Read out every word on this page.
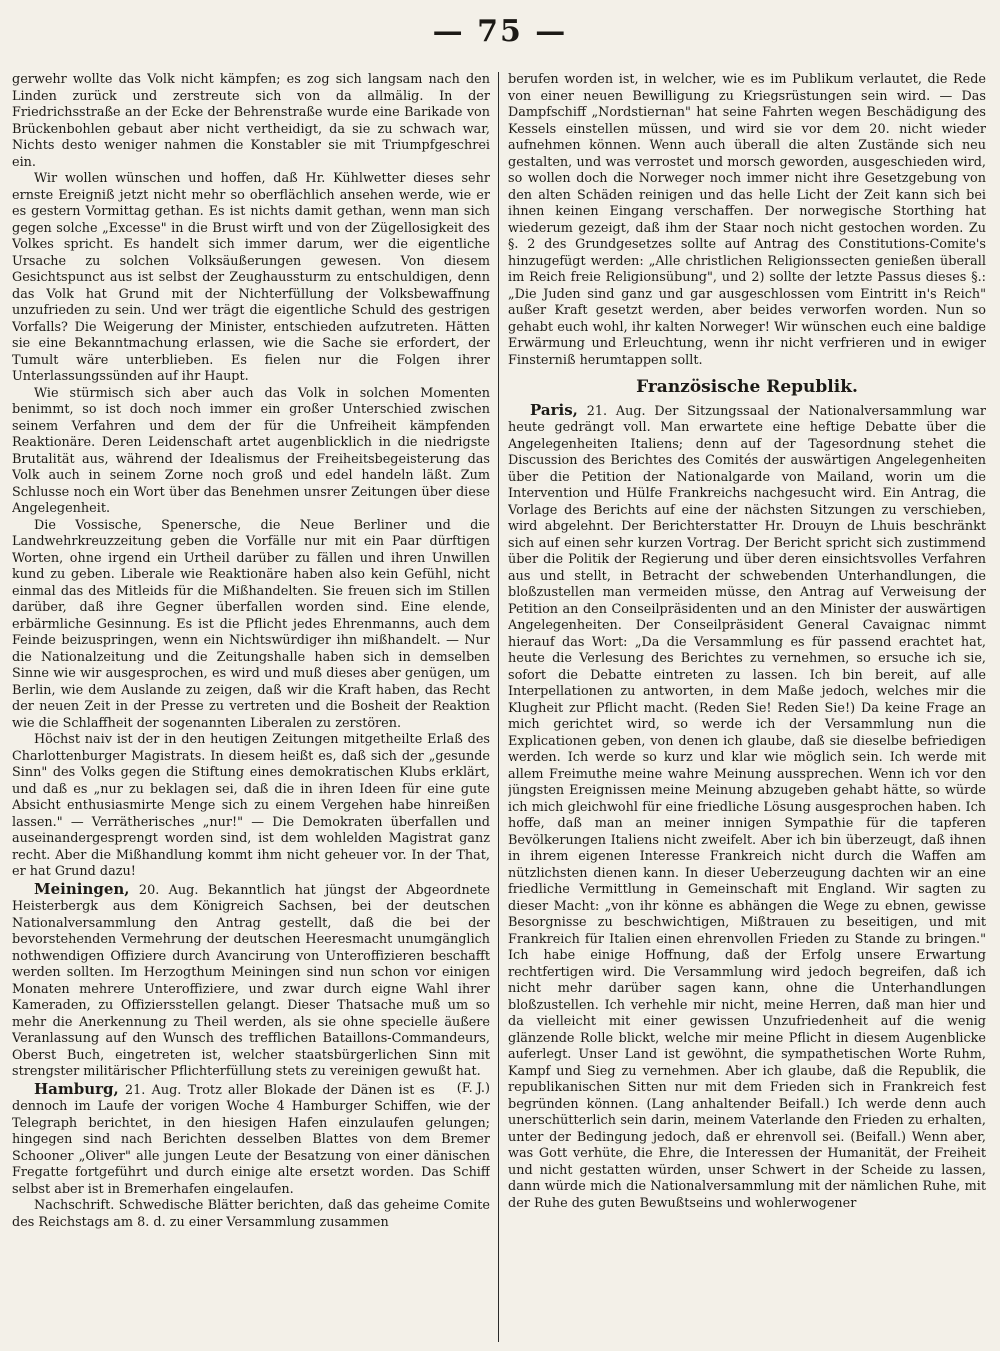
— 75 —

gerwehr wollte das Volk nicht kämpfen; es zog sich langsam nach den Linden zurück und zerstreute sich von da allmälig. In der Friedrichsstraße an der Ecke der Behrenstraße wurde eine Barikade von Brückenbohlen gebaut aber nicht vertheidigt, da sie zu schwach war, Nichts desto weniger nahmen die Konstabler sie mit Triumpfgeschrei ein.

Wir wollen wünschen und hoffen, daß Hr. Kühlwetter dieses sehr ernste Ereigniß jetzt nicht mehr so oberflächlich ansehen werde, wie er es gestern Vormittag gethan. Es ist nichts damit gethan, wenn man sich gegen solche „Excesse" in die Brust wirft und von der Zügellosigkeit des Volkes spricht. Es handelt sich immer darum, wer die eigentliche Ursache zu solchen Volksäußerungen gewesen. Von diesem Gesichtspunct aus ist selbst der Zeughaussturm zu entschuldigen, denn das Volk hat Grund mit der Nichterfüllung der Volksbewaffnung unzufrieden zu sein. Und wer trägt die eigentliche Schuld des gestrigen Vorfalls? Die Weigerung der Minister, entschieden aufzutreten. Hätten sie eine Bekanntmachung erlassen, wie die Sache sie erfordert, der Tumult wäre unterblieben. Es fielen nur die Folgen ihrer Unterlassungssünden auf ihr Haupt.

Wie stürmisch sich aber auch das Volk in solchen Momenten benimmt, so ist doch noch immer ein großer Unterschied zwischen seinem Verfahren und dem der für die Unfreiheit kämpfenden Reaktionäre. Deren Leidenschaft artet augenblicklich in die niedrigste Brutalität aus, während der Idealismus der Freiheitsbegeisterung das Volk auch in seinem Zorne noch groß und edel handeln läßt. Zum Schlusse noch ein Wort über das Benehmen unsrer Zeitungen über diese Angelegenheit.

Die Vossische, Spenersche, die Neue Berliner und die Landwehrkreuzzeitung geben die Vorfälle nur mit ein Paar dürftigen Worten, ohne irgend ein Urtheil darüber zu fällen und ihren Unwillen kund zu geben. Liberale wie Reaktionäre haben also kein Gefühl, nicht einmal das des Mitleids für die Mißhandelten. Sie freuen sich im Stillen darüber, daß ihre Gegner überfallen worden sind. Eine elende, erbärmliche Gesinnung. Es ist die Pflicht jedes Ehrenmanns, auch dem Feinde beizuspringen, wenn ein Nichtswürdiger ihn mißhandelt. — Nur die Nationalzeitung und die Zeitungshalle haben sich in demselben Sinne wie wir ausgesprochen, es wird und muß dieses aber genügen, um Berlin, wie dem Auslande zu zeigen, daß wir die Kraft haben, das Recht der neuen Zeit in der Presse zu vertreten und die Bosheit der Reaktion wie die Schlaffheit der sogenannten Liberalen zu zerstören.

Höchst naiv ist der in den heutigen Zeitungen mitgetheilte Erlaß des Charlottenburger Magistrats. In diesem heißt es, daß sich der „gesunde Sinn" des Volks gegen die Stiftung eines demokratischen Klubs erklärt, und daß es „nur zu beklagen sei, daß die in ihren Ideen für eine gute Absicht enthusiasmirte Menge sich zu einem Vergehen habe hinreißen lassen." — Verrätherisches „nur!" — Die Demokraten überfallen und auseinandergesprengt worden sind, ist dem wohlelden Magistrat ganz recht. Aber die Mißhandlung kommt ihm nicht geheuer vor. In der That, er hat Grund dazu!

Meiningen, 20. Aug. Bekanntlich hat jüngst der Abgeordnete Heisterbergk aus dem Königreich Sachsen, bei der deutschen Nationalversammlung den Antrag gestellt, daß die bei der bevorstehenden Vermehrung der deutschen Heeresmacht unumgänglich nothwendigen Offiziere durch Avancirung von Unteroffizieren beschafft werden sollten. Im Herzogthum Meiningen sind nun schon vor einigen Monaten mehrere Unteroffiziere, und zwar durch eigne Wahl ihrer Kameraden, zu Offiziersstellen gelangt. Dieser Thatsache muß um so mehr die Anerkennung zu Theil werden, als sie ohne specielle äußere Veranlassung auf den Wunsch des trefflichen Bataillons-Commandeurs, Oberst Buch, eingetreten ist, welcher staatsbürgerlichen Sinn mit strengster militärischer Pflichterfüllung stets zu vereinigen gewußt hat.
(F. J.)

Hamburg, 21. Aug. Trotz aller Blokade der Dänen ist es dennoch im Laufe der vorigen Woche 4 Hamburger Schiffen, wie der Telegraph berichtet, in den hiesigen Hafen einzulaufen gelungen; hingegen sind nach Berichten desselben Blattes von dem Bremer Schooner „Oliver" alle jungen Leute der Besatzung von einer dänischen Fregatte fortgeführt und durch einige alte ersetzt worden. Das Schiff selbst aber ist in Bremerhafen eingelaufen.

Nachschrift. Schwedische Blätter berichten, daß das geheime Comite des Reichstags am 8. d. zu einer Versammlung zusammen

berufen worden ist, in welcher, wie es im Publikum verlautet, die Rede von einer neuen Bewilligung zu Kriegsrüstungen sein wird. — Das Dampfschiff „Nordstiernan" hat seine Fahrten wegen Beschädigung des Kessels einstellen müssen, und wird sie vor dem 20. nicht wieder aufnehmen können. Wenn auch überall die alten Zustände sich neu gestalten, und was verrostet und morsch geworden, ausgeschieden wird, so wollen doch die Norweger noch immer nicht ihre Gesetzgebung von den alten Schäden reinigen und das helle Licht der Zeit kann sich bei ihnen keinen Eingang verschaffen. Der norwegische Storthing hat wiederum gezeigt, daß ihm der Staar noch nicht gestochen worden. Zu §. 2 des Grundgesetzes sollte auf Antrag des Constitutions-Comite's hinzugefügt werden: „Alle christlichen Religionssecten genießen überall im Reich freie Religionsübung", und 2) sollte der letzte Passus dieses §.: „Die Juden sind ganz und gar ausgeschlossen vom Eintritt in's Reich" außer Kraft gesetzt werden, aber beides verworfen worden. Nun so gehabt euch wohl, ihr kalten Norweger! Wir wünschen euch eine baldige Erwärmung und Erleuchtung, wenn ihr nicht verfrieren und in ewiger Finsterniß herumtappen sollt.

Französische Republik.

Paris, 21. Aug. Der Sitzungssaal der Nationalversammlung war heute gedrängt voll. Man erwartete eine heftige Debatte über die Angelegenheiten Italiens; denn auf der Tagesordnung stehet die Discussion des Berichtes des Comités der auswärtigen Angelegenheiten über die Petition der Nationalgarde von Mailand, worin um die Intervention und Hülfe Frankreichs nachgesucht wird. Ein Antrag, die Vorlage des Berichts auf eine der nächsten Sitzungen zu verschieben, wird abgelehnt. Der Berichterstatter Hr. Drouyn de Lhuis beschränkt sich auf einen sehr kurzen Vortrag. Der Bericht spricht sich zustimmend über die Politik der Regierung und über deren einsichtsvolles Verfahren aus und stellt, in Betracht der schwebenden Unterhandlungen, die bloßzustellen man vermeiden müsse, den Antrag auf Verweisung der Petition an den Conseilpräsidenten und an den Minister der auswärtigen Angelegenheiten. Der Conseilpräsident General Cavaignac nimmt hierauf das Wort: „Da die Versammlung es für passend erachtet hat, heute die Verlesung des Berichtes zu vernehmen, so ersuche ich sie, sofort die Debatte eintreten zu lassen. Ich bin bereit, auf alle Interpellationen zu antworten, in dem Maße jedoch, welches mir die Klugheit zur Pflicht macht. (Reden Sie! Reden Sie!) Da keine Frage an mich gerichtet wird, so werde ich der Versammlung nun die Explicationen geben, von denen ich glaube, daß sie dieselbe befriedigen werden. Ich werde so kurz und klar wie möglich sein. Ich werde mit allem Freimuthe meine wahre Meinung aussprechen. Wenn ich vor den jüngsten Ereignissen meine Meinung abzugeben gehabt hätte, so würde ich mich gleichwohl für eine friedliche Lösung ausgesprochen haben. Ich hoffe, daß man an meiner innigen Sympathie für die tapferen Bevölkerungen Italiens nicht zweifelt. Aber ich bin überzeugt, daß ihnen in ihrem eigenen Interesse Frankreich nicht durch die Waffen am nützlichsten dienen kann. In dieser Ueberzeugung dachten wir an eine friedliche Vermittlung in Gemeinschaft mit England. Wir sagten zu dieser Macht: „von ihr könne es abhängen die Wege zu ebnen, gewisse Besorgnisse zu beschwichtigen, Mißtrauen zu beseitigen, und mit Frankreich für Italien einen ehrenvollen Frieden zu Stande zu bringen." Ich habe einige Hoffnung, daß der Erfolg unsere Erwartung rechtfertigen wird. Die Versammlung wird jedoch begreifen, daß ich nicht mehr darüber sagen kann, ohne die Unterhandlungen bloßzustellen. Ich verhehle mir nicht, meine Herren, daß man hier und da vielleicht mit einer gewissen Unzufriedenheit auf die wenig glänzende Rolle blickt, welche mir meine Pflicht in diesem Augenblicke auferlegt. Unser Land ist gewöhnt, die sympathetischen Worte Ruhm, Kampf und Sieg zu vernehmen. Aber ich glaube, daß die Republik, die republikanischen Sitten nur mit dem Frieden sich in Frankreich fest begründen können. (Lang anhaltender Beifall.) Ich werde denn auch unerschütterlich sein darin, meinem Vaterlande den Frieden zu erhalten, unter der Bedingung jedoch, daß er ehrenvoll sei. (Beifall.) Wenn aber, was Gott verhüte, die Ehre, die Interessen der Humanität, der Freiheit und nicht gestatten würden, unser Schwert in der Scheide zu lassen, dann würde mich die Nationalversammlung mit der nämlichen Ruhe, mit der Ruhe des guten Bewußtseins und wohlerwogener
